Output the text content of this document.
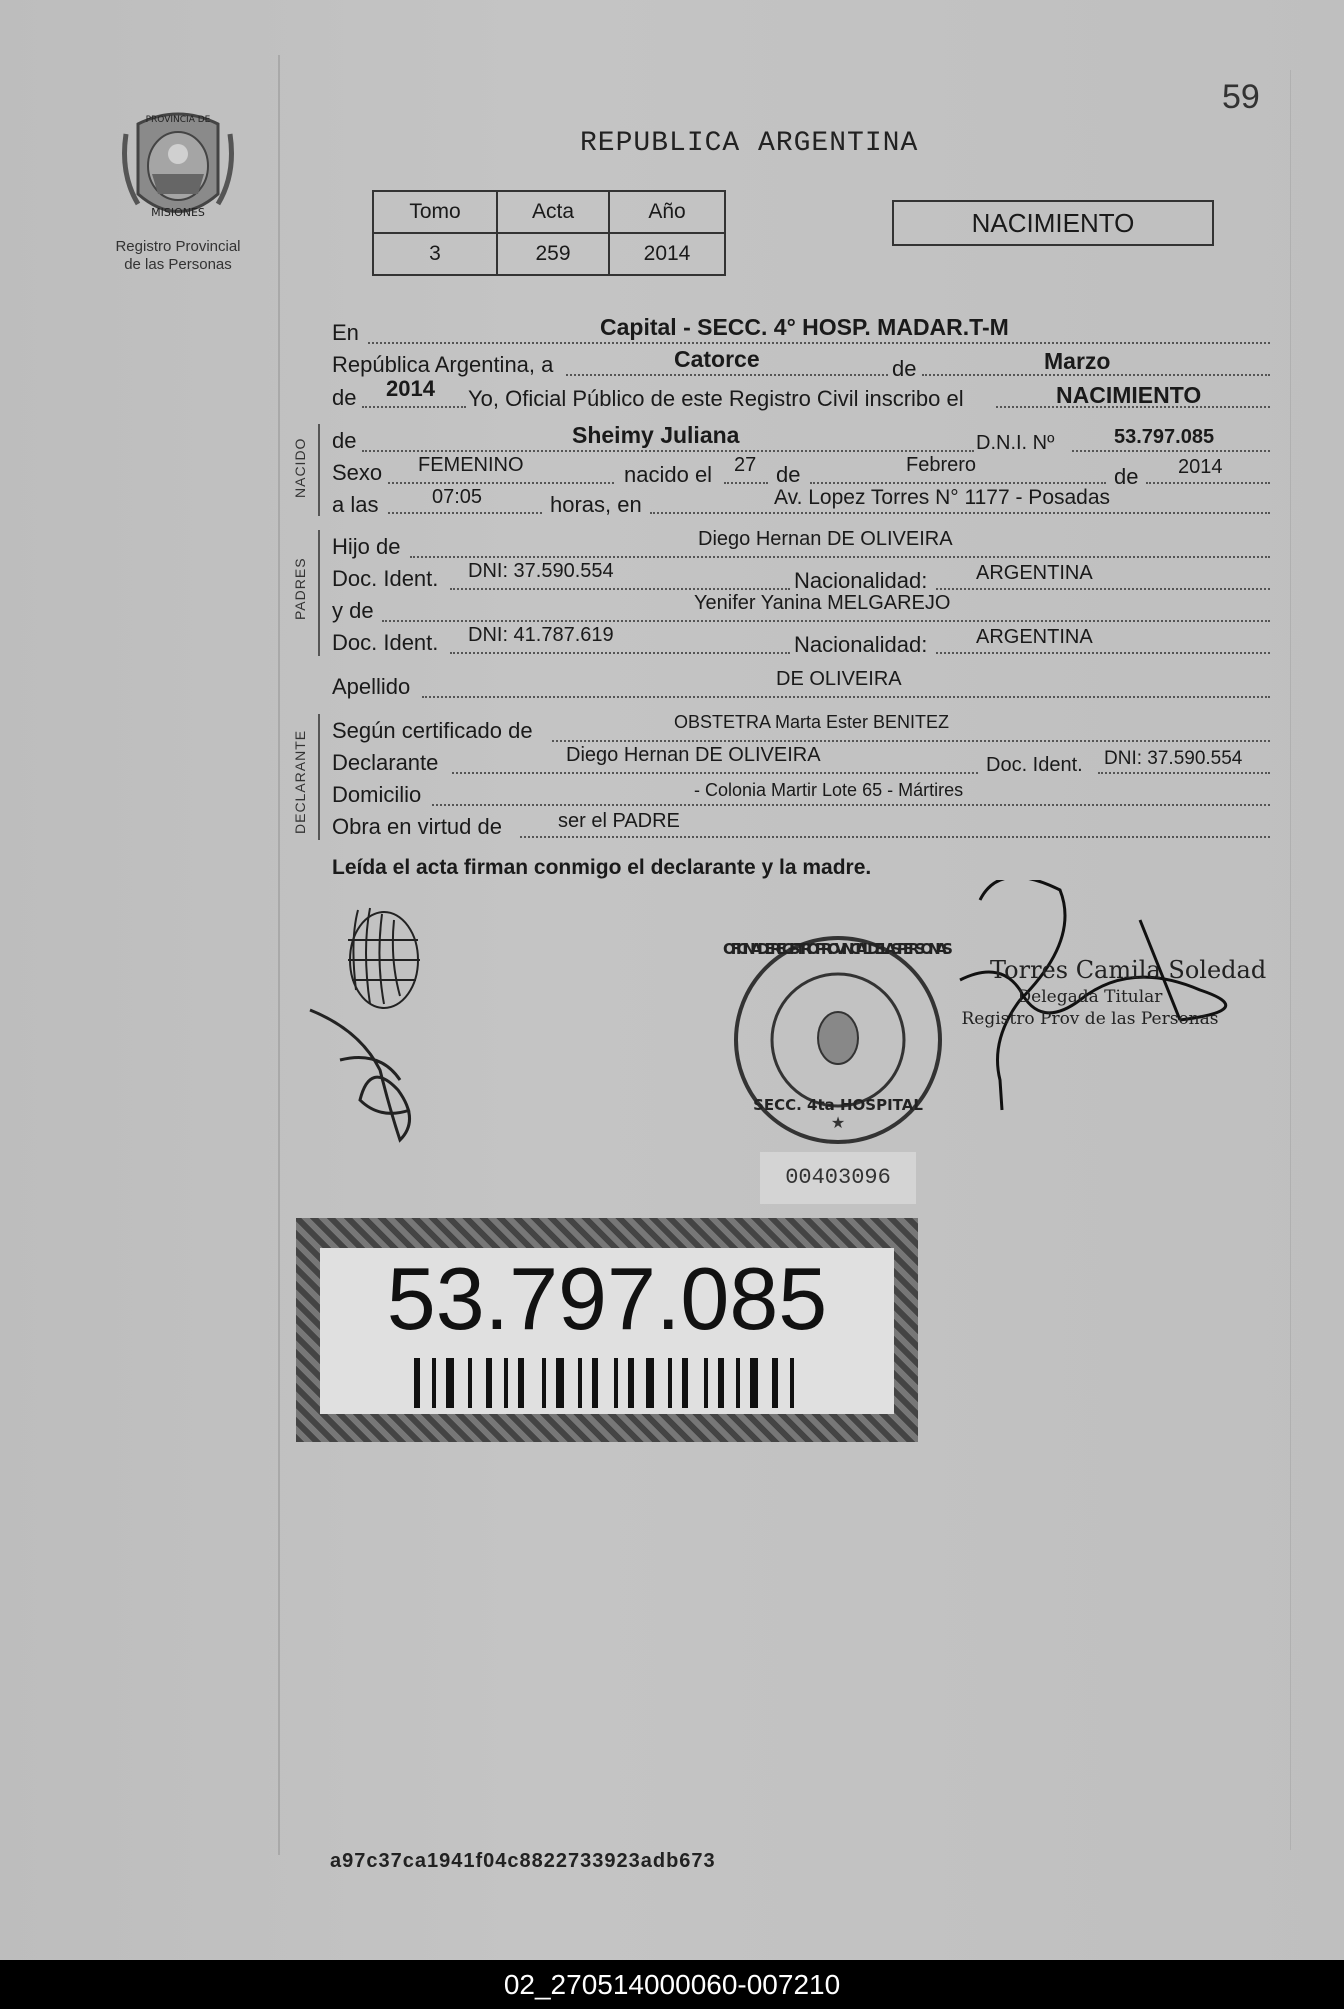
59
PROVINCIA DE
MISIONES
Registro Provincial
de las Personas
REPUBLICA ARGENTINA
Tomo	Acta	Año
3	259	2014
NACIMIENTO
En	Capital - SECC. 4° HOSP. MADAR.T-M
República Argentina, a	Catorce	de	Marzo
de 2014 Yo, Oficial Público de este Registro Civil inscribo el	NACIMIENTO
NACIDO de	Sheimy Juliana	D.N.I. Nº	53.797.085
Sexo FEMENINO	nacido el 27 de	Febrero	de 2014
a las	07:05	horas, en	Av. Lopez Torres N° 1177 - Posadas
PADRES
Hijo de	Diego Hernan DE OLIVEIRA
Doc. Ident. DNI: 37.590.554	Nacionalidad: ARGENTINA
y de	Yenifer Yanina MELGAREJO
Doc. Ident. DNI: 41.787.619	Nacionalidad: ARGENTINA
Apellido	DE OLIVEIRA
DECLARANTE Según certificado de	OBSTETRA Marta Ester BENITEZ
Declarante	Diego Hernan DE OLIVEIRA	Doc. Ident. DNI: 37.590.554
Domicilio	- Colonia Martir Lote 65 - Mártires
Obra en virtud de	ser el PADRE
Leída el acta firman conmigo el declarante y la madre.
OFICINA DE REGISTRO PROVINCIAL DE LAS PERSONAS
SECC. 4ta HOSPITAL
★
Torres Camila Soledad
Delegada Titular
Registro Prov de las Personas
00403096
53.797.085
a97c37ca1941f04c8822733923adb673
02_270514000060-007210
